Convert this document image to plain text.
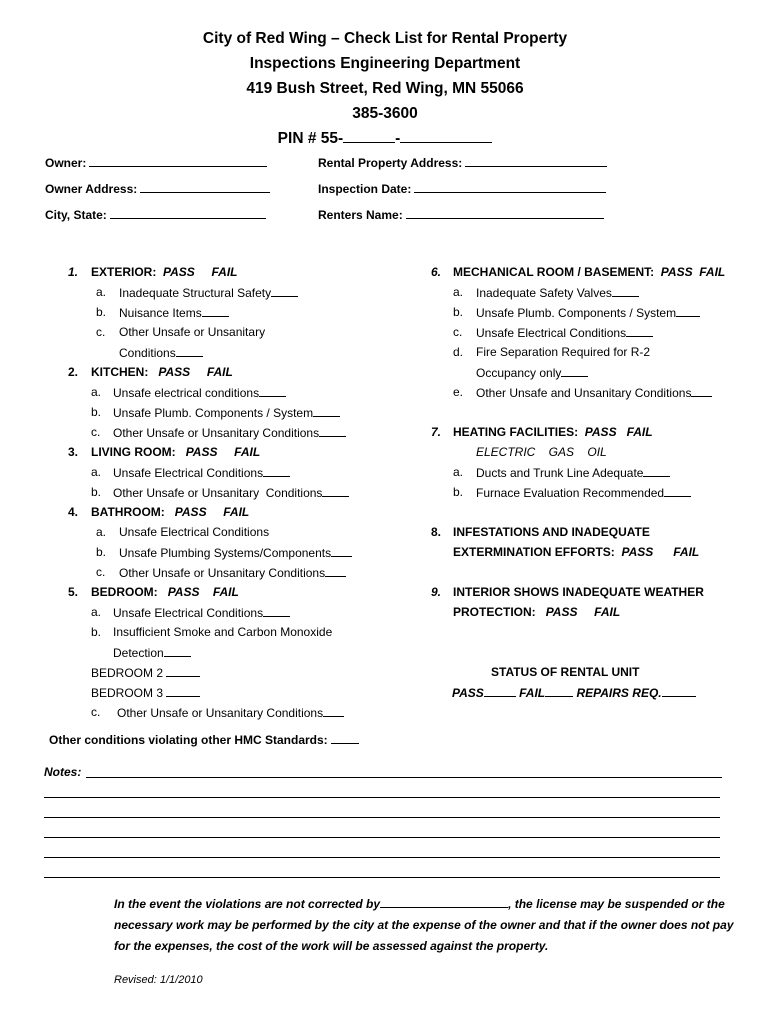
City of Red Wing – Check List for Rental Property
Inspections Engineering Department
419 Bush Street, Red Wing, MN 55066
385-3600
PIN # 55-	-
Owner:	Rental Property Address:
Owner Address:	Inspection Date:
City, State:	Renters Name:
1. EXTERIOR: PASS FAIL
a. Inadequate Structural Safety
b. Nuisance Items
c. Other Unsafe or Unsanitary
Conditions
2. KITCHEN: PASS FAIL
a. Unsafe electrical conditions
b. Unsafe Plumb. Components / System
c. Other Unsafe or Unsanitary Conditions
3. LIVING ROOM: PASS FAIL
a. Unsafe Electrical Conditions
b. Other Unsafe or Unsanitary  Conditions
4. BATHROOM: PASS FAIL
a. Unsafe Electrical Conditions
b. Unsafe Plumbing Systems/Components
c. Other Unsafe or Unsanitary Conditions
5. BEDROOM: PASS FAIL
a. Unsafe Electrical Conditions
b. Insufficient Smoke and Carbon Monoxide
Detection
BEDROOM 2
BEDROOM 3
c. Other Unsafe or Unsanitary Conditions
Other conditions violating other HMC Standards:
6. MECHANICAL ROOM / BASEMENT: PASS FAIL
a. Inadequate Safety Valves
b. Unsafe Plumb. Components / System
c. Unsafe Electrical Conditions
d. Fire Separation Required for R-2
Occupancy only
e. Other Unsafe and Unsanitary Conditions
7. HEATING FACILITIES: PASS FAIL
ELECTRIC    GAS    OIL
a. Ducts and Trunk Line Adequate
b. Furnace Evaluation Recommended
8. INFESTATIONS AND INADEQUATE
EXTERMINATION EFFORTS: PASS FAIL
9. INTERIOR SHOWS INADEQUATE WEATHER
PROTECTION: PASS FAIL
STATUS OF RENTAL UNIT
PASS	FAIL	REPAIRS REQ.
Notes:
In the event the violations are not corrected by	, the license may be suspended or the necessary work may be performed by the city at the expense of the owner and that if the owner does not pay for the expenses, the cost of the work will be assessed against the property.
Revised: 1/1/2010
